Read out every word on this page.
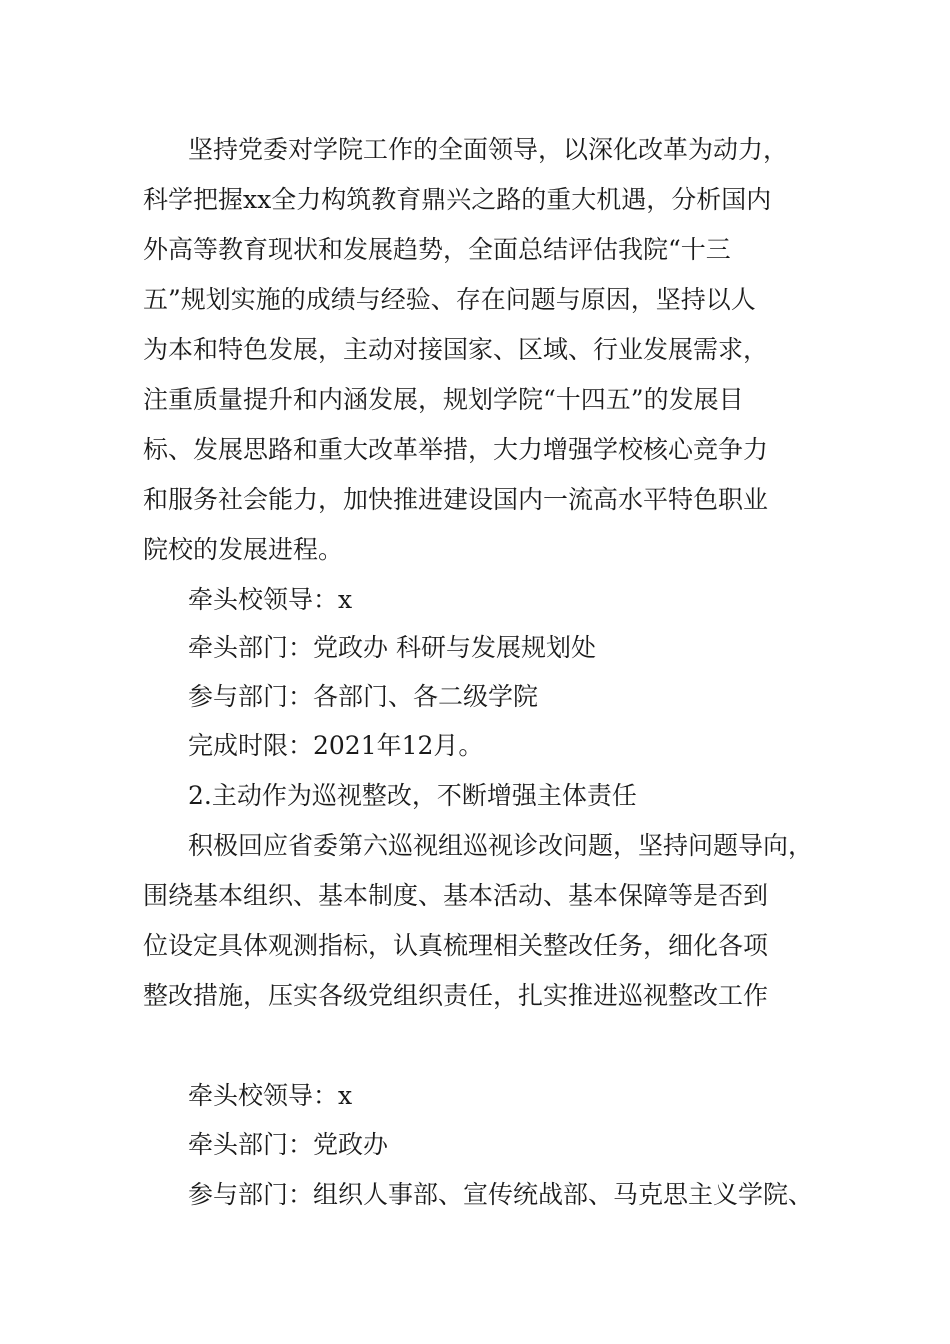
坚持党委对学院工作的全面领导，以深化改革为动力，
科学把握xx全力构筑教育鼎兴之路的重大机遇，分析国内
外高等教育现状和发展趋势，全面总结评估我院“十三
五”规划实施的成绩与经验、存在问题与原因，坚持以人
为本和特色发展，主动对接国家、区域、行业发展需求，
注重质量提升和内涵发展，规划学院“十四五”的发展目
标、发展思路和重大改革举措，大力增强学校核心竞争力
和服务社会能力，加快推进建设国内一流高水平特色职业
院校的发展进程。
牵头校领导：x
牵头部门：党政办 科研与发展规划处
参与部门：各部门、各二级学院
完成时限：2021年12月。
2.主动作为巡视整改，不断增强主体责任
积极回应省委第六巡视组巡视诊改问题，坚持问题导向，
围绕基本组织、基本制度、基本活动、基本保障等是否到
位设定具体观测指标，认真梳理相关整改任务，细化各项
整改措施，压实各级党组织责任，扎实推进巡视整改工作
牵头校领导：x
牵头部门：党政办
参与部门：组织人事部、宣传统战部、马克思主义学院、
